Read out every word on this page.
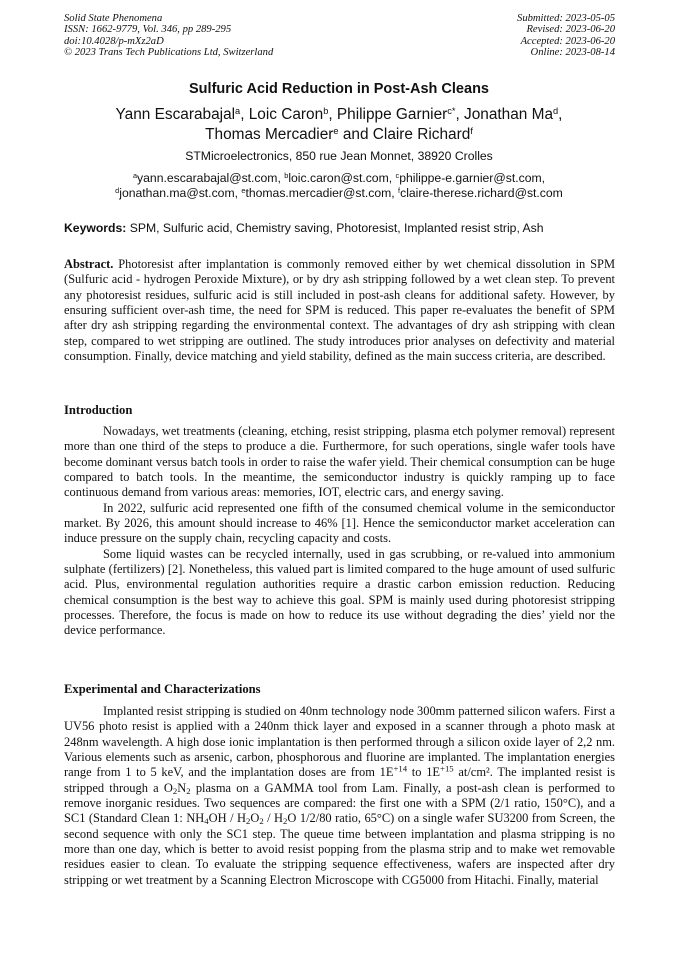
Solid State Phenomena
ISSN: 1662-9779, Vol. 346, pp 289-295
doi:10.4028/p-mXz2aD
© 2023 Trans Tech Publications Ltd, Switzerland
Submitted: 2023-05-05
Revised: 2023-06-20
Accepted: 2023-06-20
Online: 2023-08-14
Sulfuric Acid Reduction in Post-Ash Cleans
Yann Escarabajal$^a$, Loic Caron$^b$, Philippe Garnier$^{c*}$, Jonathan Ma$^d$,
Thomas Mercadier$^e$ and Claire Richard$^f$
STMicroelectronics, 850 rue Jean Monnet, 38920 Crolles
$^a$yann.escarabajal@st.com, $^b$loic.caron@st.com, $^c$philippe-e.garnier@st.com,
$^d$jonathan.ma@st.com, $^e$thomas.mercadier@st.com, $^f$claire-therese.richard@st.com
Keywords: SPM, Sulfuric acid, Chemistry saving, Photoresist, Implanted resist strip, Ash

Abstract. Photoresist after implantation is commonly removed either by wet chemical dissolution in SPM (Sulfuric acid - hydrogen Peroxide Mixture), or by dry ash stripping followed by a wet clean step. To prevent any photoresist residues, sulfuric acid is still included in post-ash cleans for additional safety. However, by ensuring sufficient over-ash time, the need for SPM is reduced. This paper re-evaluates the benefit of SPM after dry ash stripping regarding the environmental context. The advantages of dry ash stripping with clean step, compared to wet stripping are outlined. The study introduces prior analyses on defectivity and material consumption. Finally, device matching and yield stability, defined as the main success criteria, are described.

Introduction

Nowadays, wet treatments (cleaning, etching, resist stripping, plasma etch polymer removal) represent more than one third of the steps to produce a die. Furthermore, for such operations, single wafer tools have become dominant versus batch tools in order to raise the wafer yield. Their chemical consumption can be huge compared to batch tools. In the meantime, the semiconductor industry is quickly ramping up to face continuous demand from various areas: memories, IOT, electric cars, and energy saving.

In 2022, sulfuric acid represented one fifth of the consumed chemical volume in the semiconductor market. By 2026, this amount should increase to 46% [1]. Hence the semiconductor market acceleration can induce pressure on the supply chain, recycling capacity and costs.

Some liquid wastes can be recycled internally, used in gas scrubbing, or re-valued into ammonium sulphate (fertilizers) [2]. Nonetheless, this valued part is limited compared to the huge amount of used sulfuric acid. Plus, environmental regulation authorities require a drastic carbon emission reduction. Reducing chemical consumption is the best way to achieve this goal. SPM is mainly used during photoresist stripping processes. Therefore, the focus is made on how to reduce its use without degrading the dies’ yield nor the device performance.

Experimental and Characterizations

Implanted resist stripping is studied on 40nm technology node 300mm patterned silicon wafers. First a UV56 photo resist is applied with a 240nm thick layer and exposed in a scanner through a photo mask at 248nm wavelength. A high dose ionic implantation is then performed through a silicon oxide layer of 2,2 nm. Various elements such as arsenic, carbon, phosphorous and fluorine are implanted. The implantation energies range from 1 to 5 keV, and the implantation doses are from $1E^{+14}$ to $1E^{+15}$ at/cm². The implanted resist is stripped through a $O_2N_2$ plasma on a GAMMA tool from Lam. Finally, a post-ash clean is performed to remove inorganic residues. Two sequences are compared: the first one with a SPM (2/1 ratio, 150°C), and a SC1 (Standard Clean 1: $NH_4OH / H_2O_2 / H_2O$ 1/2/80 ratio, 65°C) on a single wafer SU3200 from Screen, the second sequence with only the SC1 step. The queue time between implantation and plasma stripping is no more than one day, which is better to avoid resist popping from the plasma strip and to make wet removable residues easier to clean. To evaluate the stripping sequence effectiveness, wafers are inspected after dry stripping or wet treatment by a Scanning Electron Microscope with CG5000 from Hitachi. Finally, material
